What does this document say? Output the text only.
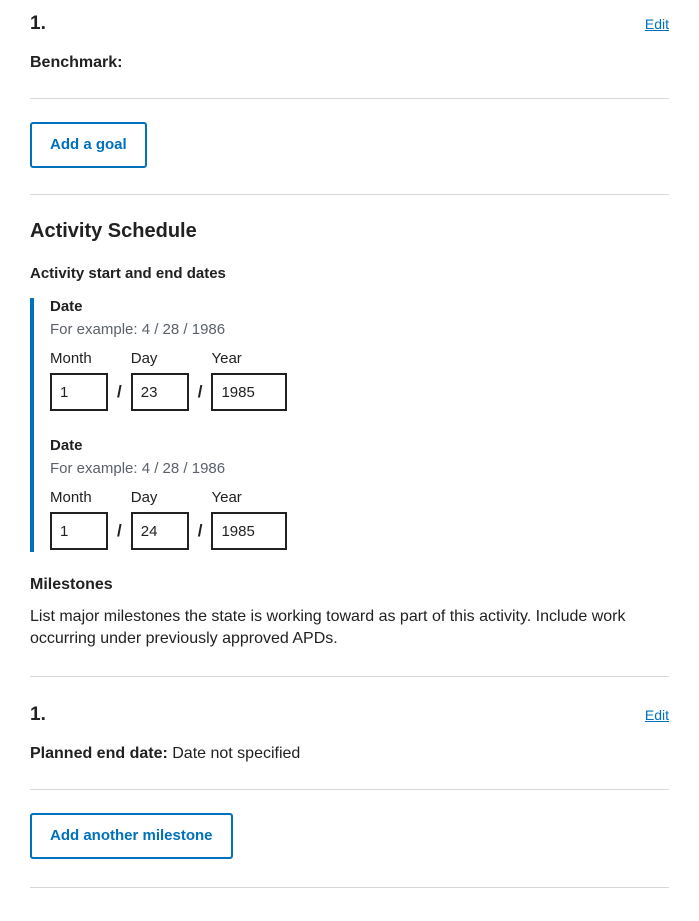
1.	Edit

Benchmark:

Add a goal
Activity Schedule
Activity start and end dates

Date

For example: 4 / 28 / 1986

Month
1
/
Day
23
/
Year
1985

Date

For example: 4 / 28 / 1986

Month
1
/
Day
24
/
Year
1985
Milestones

List major milestones the state is working toward as part of this activity. Include work occurring under previously approved APDs.

1.	Edit

Planned end date: Date not specified

Add another milestone
